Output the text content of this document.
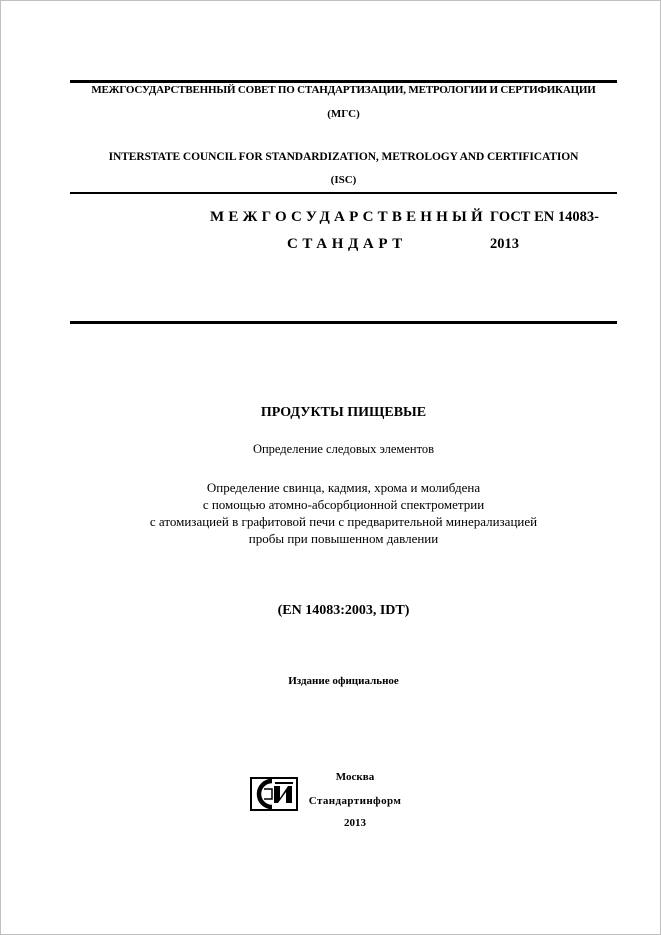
МЕЖГОСУДАРСТВЕННЫЙ СОВЕТ ПО СТАНДАРТИЗАЦИИ, МЕТРОЛОГИИ И СЕРТИФИКАЦИИ

(МГС)

INTERSTATE COUNCIL FOR STANDARDIZATION, METROLOGY AND CERTIFICATION

(ISC)

МЕЖГОСУДАРСТВЕННЫЙ

СТАНДАРТ

ГОСТ EN 14083-

2013

ПРОДУКТЫ ПИЩЕВЫЕ

Определение следовых элементов

Определение свинца, кадмия, хрома и молибдена

с помощью атомно-абсорбционной спектрометрии

с атомизацией в графитовой печи с предварительной минерализацией

пробы при повышенном давлении

(EN 14083:2003, IDT)

Издание официальное

Москва

Стандартинформ

2013
